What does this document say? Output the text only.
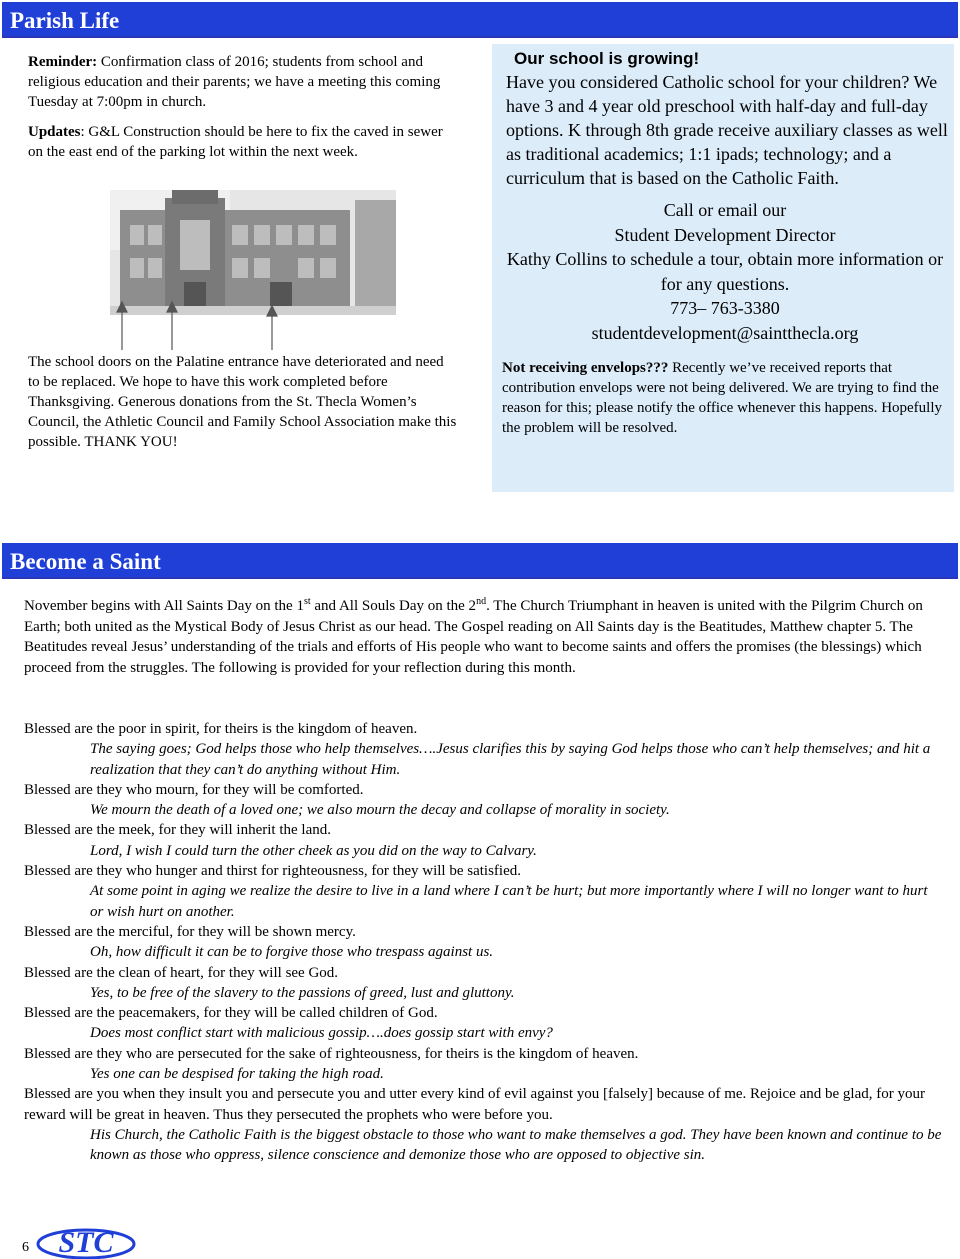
Parish Life

Reminder: Confirmation class of 2016; students from school and religious education and their parents; we have a meeting this coming Tuesday at 7:00pm in church.

Updates: G&L Construction should be here to fix the caved in sewer on the east end of the parking lot within the next week.

The school doors on the Palatine entrance have deteriorated and need to be replaced. We hope to have this work completed before Thanksgiving. Generous donations from the St. Thecla Women’s Council, the Athletic Council and Family School Association make this possible. THANK YOU!

Our school is growing!
Have you considered Catholic school for your children? We have 3 and 4 year old preschool with half-day and full-day options. K through 8th grade receive auxiliary classes as well as traditional academics; 1:1 ipads; technology; and a curriculum that is based on the Catholic Faith.
Call or email our
Student Development Director
Kathy Collins to schedule a tour, obtain more information or for any questions.
773– 763-3380
studentdevelopment@saintthecla.org
Not receiving envelops??? Recently we’ve received reports that contribution envelops were not being delivered. We are trying to find the reason for this; please notify the office whenever this happens. Hopefully the problem will be resolved.
Become a Saint
November begins with All Saints Day on the 1st and All Souls Day on the 2nd. The Church Triumphant in heaven is united with the Pilgrim Church on Earth; both united as the Mystical Body of Jesus Christ as our head. The Gospel reading on All Saints day is the Beatitudes, Matthew chapter 5. The Beatitudes reveal Jesus’ understanding of the trials and efforts of His people who want to become saints and offers the promises (the blessings) which proceed from the struggles. The following is provided for your reflection during this month.

Blessed are the poor in spirit, for theirs is the kingdom of heaven.

The saying goes; God helps those who help themselves….Jesus clarifies this by saying God helps those who can’t help themselves; and hit a realization that they can’t do anything without Him.

Blessed are they who mourn, for they will be comforted.

We mourn the death of a loved one; we also mourn the decay and collapse of morality in society.

Blessed are the meek, for they will inherit the land.

Lord, I wish I could turn the other cheek as you did on the way to Calvary.

Blessed are they who hunger and thirst for righteousness, for they will be satisfied.

At some point in aging we realize the desire to live in a land where I can’t be hurt; but more importantly where I will no longer want to hurt or wish hurt on another.

Blessed are the merciful, for they will be shown mercy.

Oh, how difficult it can be to forgive those who trespass against us.

Blessed are the clean of heart, for they will see God.

Yes, to be free of the slavery to the passions of greed, lust and gluttony.

Blessed are the peacemakers, for they will be called children of God.

Does most conflict start with malicious gossip….does gossip start with envy?

Blessed are they who are persecuted for the sake of righteousness, for theirs is the kingdom of heaven.

Yes one can be despised for taking the high road.

Blessed are you when they insult you and persecute you and utter every kind of evil against you [falsely] because of me. Rejoice and be glad, for your reward will be great in heaven. Thus they persecuted the prophets who were before you.

His Church, the Catholic Faith is the biggest obstacle to those who want to make themselves a god. They have been known and continue to be known as those who oppress, silence conscience and demonize those who are opposed to objective sin.

6 STC
